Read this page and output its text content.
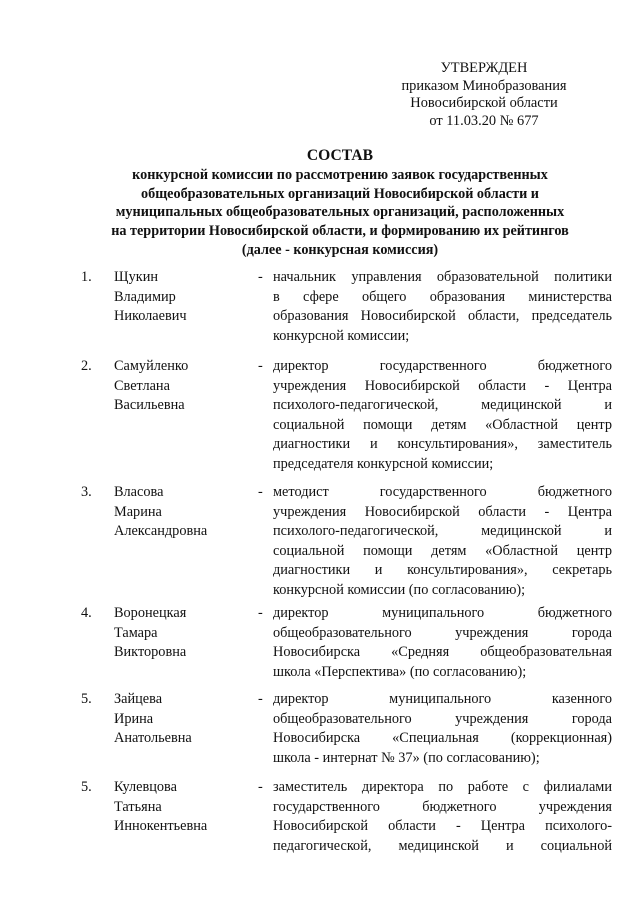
УТВЕРЖДЕН
приказом Минобразования
Новосибирской области
от 11.03.20 № 677
СОСТАВ
конкурсной комиссии по рассмотрению заявок государственных
общеобразовательных организаций Новосибирской области и
муниципальных общеобразовательных организаций, расположенных
на территории Новосибирской области, и формированию их рейтингов
(далее - конкурсная комиссия)
1. Щукин
Владимир
Николаевич
- начальник управления образовательной политики
в сфере общего образования министерства
образования Новосибирской области, председатель
конкурсной комиссии;
2. Самуйленко
Светлана
Васильевна
- директор государственного бюджетного
учреждения Новосибирской области - Центра
психолого-педагогической, медицинской и
социальной помощи детям «Областной центр
диагностики и консультирования», заместитель
председателя конкурсной комиссии;
3. Власова
Марина
Александровна
- методист государственного бюджетного
учреждения Новосибирской области - Центра
психолого-педагогической, медицинской и
социальной помощи детям «Областной центр
диагностики и консультирования», секретарь
конкурсной комиссии (по согласованию);
4. Воронецкая
Тамара
Викторовна
- директор муниципального бюджетного
общеобразовательного учреждения города
Новосибирска «Средняя общеобразовательная
школа «Перспектива» (по согласованию);
5. Зайцева
Ирина
Анатольевна
- директор муниципального казенного
общеобразовательного учреждения города
Новосибирска «Специальная (коррекционная)
школа - интернат № 37» (по согласованию);
5. Кулевцова
Татьяна
Иннокентьевна
- заместитель директора по работе с филиалами
государственного бюджетного учреждения
Новосибирской области - Центра психолого-
педагогической, медицинской и социальной
